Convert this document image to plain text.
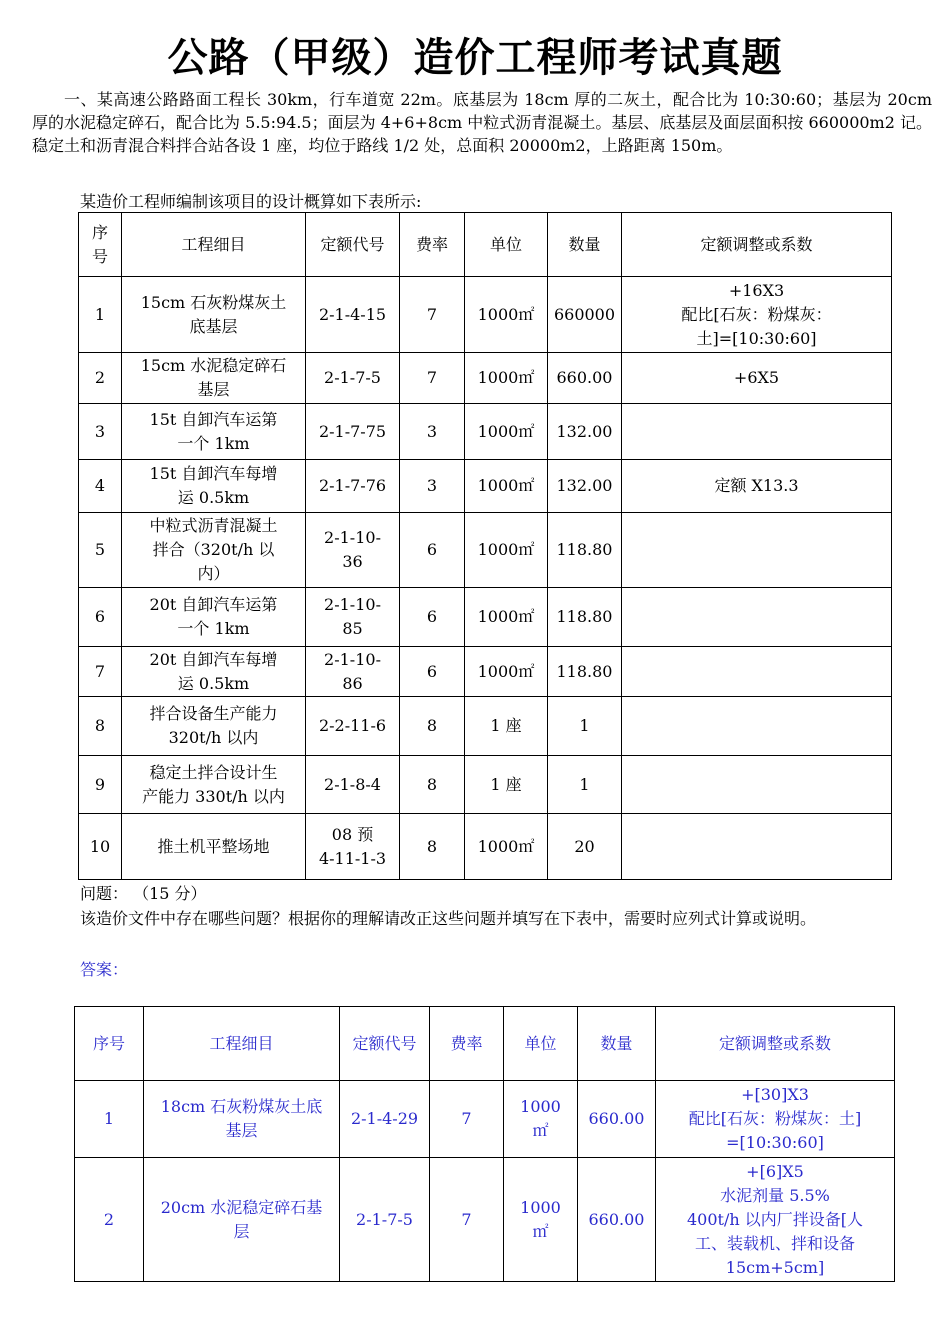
公路（甲级）造价工程师考试真题
一、某高速公路路面工程长 30km，行车道宽 22m。底基层为 18cm 厚的二灰土，配合比为 10:30:60；基层为 20cm 厚的水泥稳定碎石，配合比为 5.5:94.5；面层为 4+6+8cm 中粒式沥青混凝土。基层、底基层及面层面积按 660000m2 记。稳定土和沥青混合料拌合站各设 1 座，均位于路线 1/2 处，总面积 20000m2，上路距离 150m。
某造价工程师编制该项目的设计概算如下表所示:
序
号	工程细目	定额代号	费率	单位	数量	定额调整或系数
1	15cm 石灰粉煤灰土
底基层	2-1-4-15	7	1000㎡	660000	+16X3
配比[石灰：粉煤灰：
土]=[10:30:60]
2	15cm 水泥稳定碎石
基层	2-1-7-5	7	1000㎡	660.00	+6X5
3	15t 自卸汽车运第
一个 1km	2-1-7-75	3	1000㎡	132.00	
4	15t 自卸汽车每增
运 0.5km	2-1-7-76	3	1000㎡	132.00	定额 X13.3
5	中粒式沥青混凝土
拌合（320t/h 以
内）	2-1-10-
36	6	1000㎡	118.80	
6	20t 自卸汽车运第
一个 1km	2-1-10-
85	6	1000㎡	118.80	
7	20t 自卸汽车每增
运 0.5km	2-1-10-
86	6	1000㎡	118.80	
8	拌合设备生产能力
320t/h 以内	2-2-11-6	8	1 座	1	
9	稳定土拌合设计生
产能力 330t/h 以内	2-1-8-4	8	1 座	1	
10	推土机平整场地	08 预
4-11-1-3	8	1000㎡	20	
问题： （15 分）
该造价文件中存在哪些问题？根据你的理解请改正这些问题并填写在下表中，需要时应列式计算或说明。
答案：
序号	工程细目	定额代号	费率	单位	数量	定额调整或系数
1	18cm 石灰粉煤灰土底
基层	2-1-4-29	7	1000
㎡	660.00	+[30]X3
配比[石灰：粉煤灰：土]
=[10:30:60]
2	20cm 水泥稳定碎石基
层	2-1-7-5	7	1000
㎡	660.00	+[6]X5
水泥剂量 5.5%
400t/h 以内厂拌设备[人
工、装载机、拌和设备
15cm+5cm]
